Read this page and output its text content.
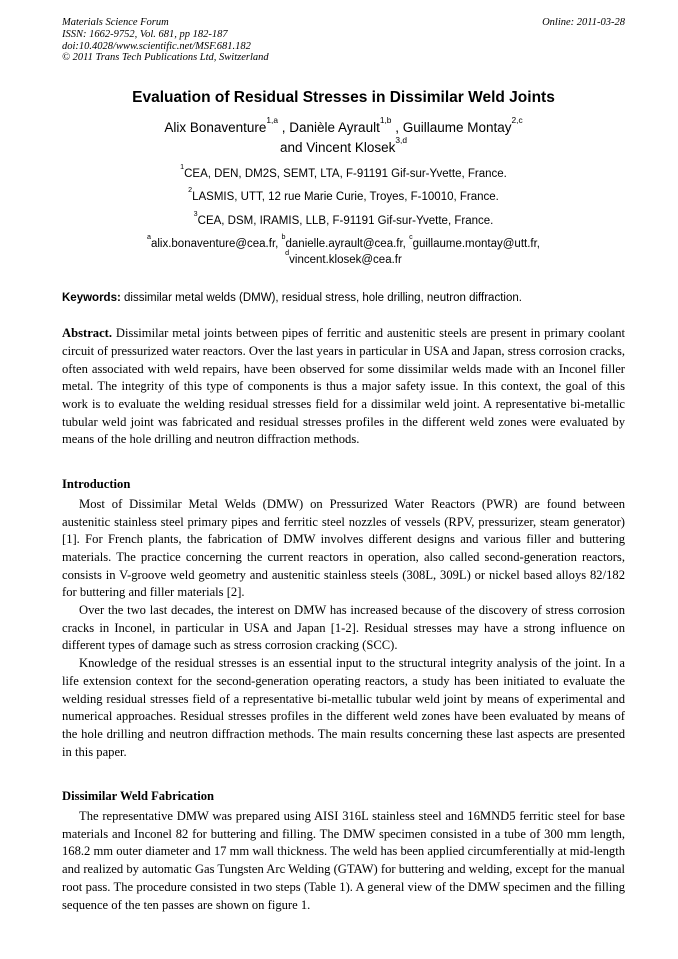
Materials Science Forum
ISSN: 1662-9752, Vol. 681, pp 182-187
doi:10.4028/www.scientific.net/MSF.681.182
© 2011 Trans Tech Publications Ltd, Switzerland
Online: 2011-03-28
Evaluation of Residual Stresses in Dissimilar Weld Joints
Alix Bonaventure$^{1,a}$ , Danièle Ayrault$^{1,b}$ , Guillaume Montay$^{2,c}$
and Vincent Klosek$^{3,d}$
$^1$CEA, DEN, DM2S, SEMT, LTA, F-91191 Gif-sur-Yvette, France.
$^2$LASMIS, UTT, 12 rue Marie Curie, Troyes, F-10010, France.
$^3$CEA, DSM, IRAMIS, LLB, F-91191 Gif-sur-Yvette, France.
$^a$alix.bonaventure@cea.fr, $^b$danielle.ayrault@cea.fr, $^c$guillaume.montay@utt.fr,
$^d$vincent.klosek@cea.fr
Keywords: dissimilar metal welds (DMW), residual stress, hole drilling, neutron diffraction.
Abstract. Dissimilar metal joints between pipes of ferritic and austenitic steels are present in primary coolant circuit of pressurized water reactors. Over the last years in particular in USA and Japan, stress corrosion cracks, often associated with weld repairs, have been observed for some dissimilar welds made with an Inconel filler metal. The integrity of this type of components is thus a major safety issue. In this context, the goal of this work is to evaluate the welding residual stresses field for a dissimilar weld joint. A representative bi-metallic tubular weld joint was fabricated and residual stresses profiles in the different weld zones were evaluated by means of the hole drilling and neutron diffraction methods.
Introduction

Most of Dissimilar Metal Welds (DMW) on Pressurized Water Reactors (PWR) are found between austenitic stainless steel primary pipes and ferritic steel nozzles of vessels (RPV, pressurizer, steam generator) [1]. For French plants, the fabrication of DMW involves different designs and various filler and buttering materials. The practice concerning the current reactors in operation, also called second-generation reactors, consists in V-groove weld geometry and austenitic stainless steels (308L, 309L) or nickel based alloys 82/182 for buttering and filler materials [2].

Over the two last decades, the interest on DMW has increased because of the discovery of stress corrosion cracks in Inconel, in particular in USA and Japan [1-2]. Residual stresses may have a strong influence on different types of damage such as stress corrosion cracking (SCC).

Knowledge of the residual stresses is an essential input to the structural integrity analysis of the joint. In a life extension context for the second-generation operating reactors, a study has been initiated to evaluate the welding residual stresses field of a representative bi-metallic tubular weld joint by means of experimental and numerical approaches. Residual stresses profiles in the different weld zones have been evaluated by means of the hole drilling and neutron diffraction methods. The main results concerning these last aspects are presented in this paper.

Dissimilar Weld Fabrication

The representative DMW was prepared using AISI 316L stainless steel and 16MND5 ferritic steel for base materials and Inconel 82 for buttering and filling. The DMW specimen consisted in a tube of 300 mm length, 168.2 mm outer diameter and 17 mm wall thickness. The weld has been applied circumferentially at mid-length and realized by automatic Gas Tungsten Arc Welding (GTAW) for buttering and welding, except for the manual root pass. The procedure consisted in two steps (Table 1). A general view of the DMW specimen and the filling sequence of the ten passes are shown on figure 1.
